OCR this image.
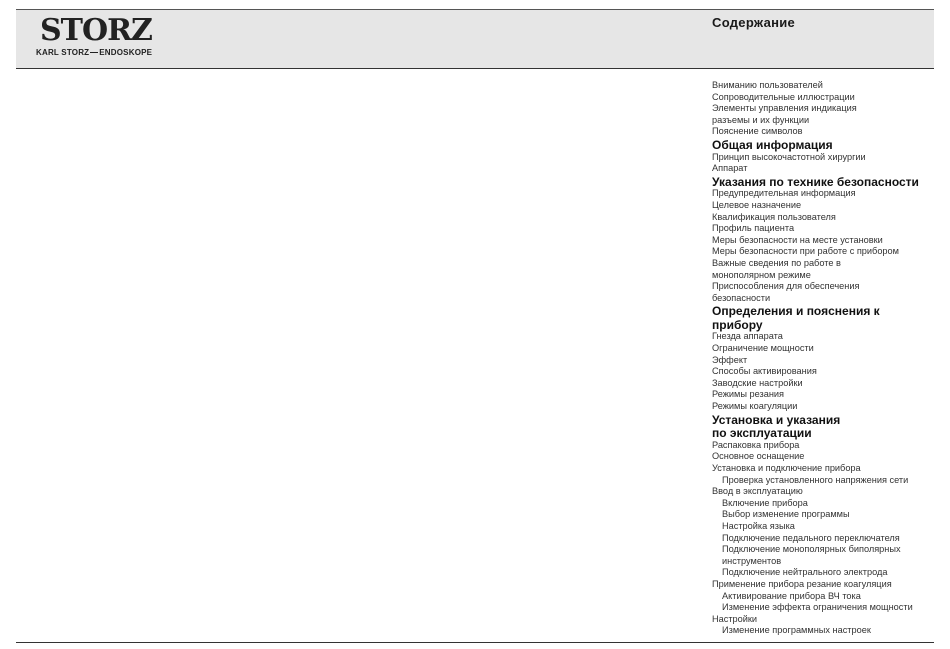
STORZ
KARL STORZ ENDOSKOPE
Содержание
Вниманию пользователей
Сопроводительные иллюстрации
Элементы управления индикация
разъемы и их функции
Пояснение символов
Общая информация
Принцип высокочастотной хирургии
Аппарат
Указания по технике безопасности
Предупредительная информация
Целевое назначение
Квалификация пользователя
Профиль пациента
Меры безопасности на месте установки
Меры безопасности при работе с прибором
Важные сведения по работе в
монополярном режиме
Приспособления для обеспечения
безопасности
Определения и пояснения к
прибору
Гнезда аппарата
Ограничение мощности
Эффект
Способы активирования
Заводские настройки
Режимы резания
Режимы коагуляции
Установка и указания
по эксплуатации
Распаковка прибора
Основное оснащение
Установка и подключение прибора
Проверка установленного напряжения сети
Ввод в эксплуатацию
Включение прибора
Выбор изменение программы
Настройка языка
Подключение педального переключателя
Подключение монополярных биполярных
инструментов
Подключение нейтрального электрода
Применение прибора резание коагуляция
Активирование прибора ВЧ тока
Изменение эффекта ограничения мощности
Настройки
Изменение программных настроек
